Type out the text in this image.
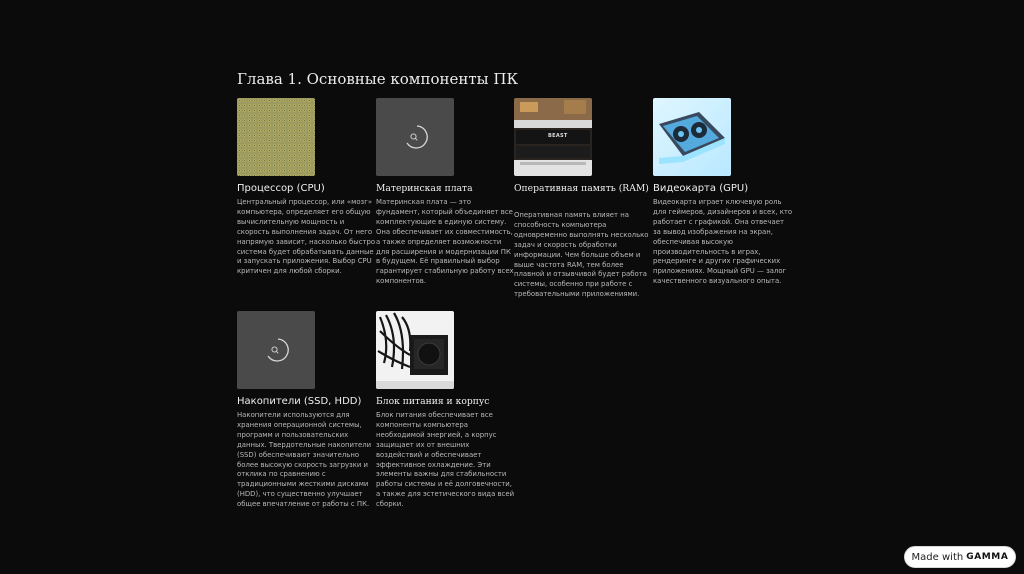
Глава 1. Основные компоненты ПК
Процессор (CPU)
Центральный процессор, или «мозг» компьютера, определяет его общую вычислительную мощность и скорость выполнения задач. От него напрямую зависит, насколько быстро система будет обрабатывать данные и запускать приложения. Выбор CPU критичен для любой сборки.
Материнская плата
Материнская плата — это фундамент, который объединяет все комплектующие в единую систему. Она обеспечивает их совместимость, а также определяет возможности для расширения и модернизации ПК в будущем. Её правильный выбор гарантирует стабильную работу всех компонентов.
BEAST
Оперативная память (RAM)
Оперативная память влияет на способность компьютера одновременно выполнять несколько задач и скорость обработки информации. Чем больше объем и выше частота RAM, тем более плавной и отзывчивой будет работа системы, особенно при работе с требовательными приложениями.
Видеокарта (GPU)
Видеокарта играет ключевую роль для геймеров, дизайнеров и всех, кто работает с графикой. Она отвечает за вывод изображения на экран, обеспечивая высокую производительность в играх, рендеринге и других графических приложениях. Мощный GPU — залог качественного визуального опыта.
Накопители (SSD, HDD)
Накопители используются для хранения операционной системы, программ и пользовательских данных. Твердотельные накопители (SSD) обеспечивают значительно более высокую скорость загрузки и отклика по сравнению с традиционными жесткими дисками (HDD), что существенно улучшает общее впечатление от работы с ПК.
Блок питания и корпус
Блок питания обеспечивает все компоненты компьютера необходимой энергией, а корпус защищает их от внешних воздействий и обеспечивает эффективное охлаждение. Эти элементы важны для стабильности работы системы и её долговечности, а также для эстетического вида всей сборки.
Made with GAMMA
